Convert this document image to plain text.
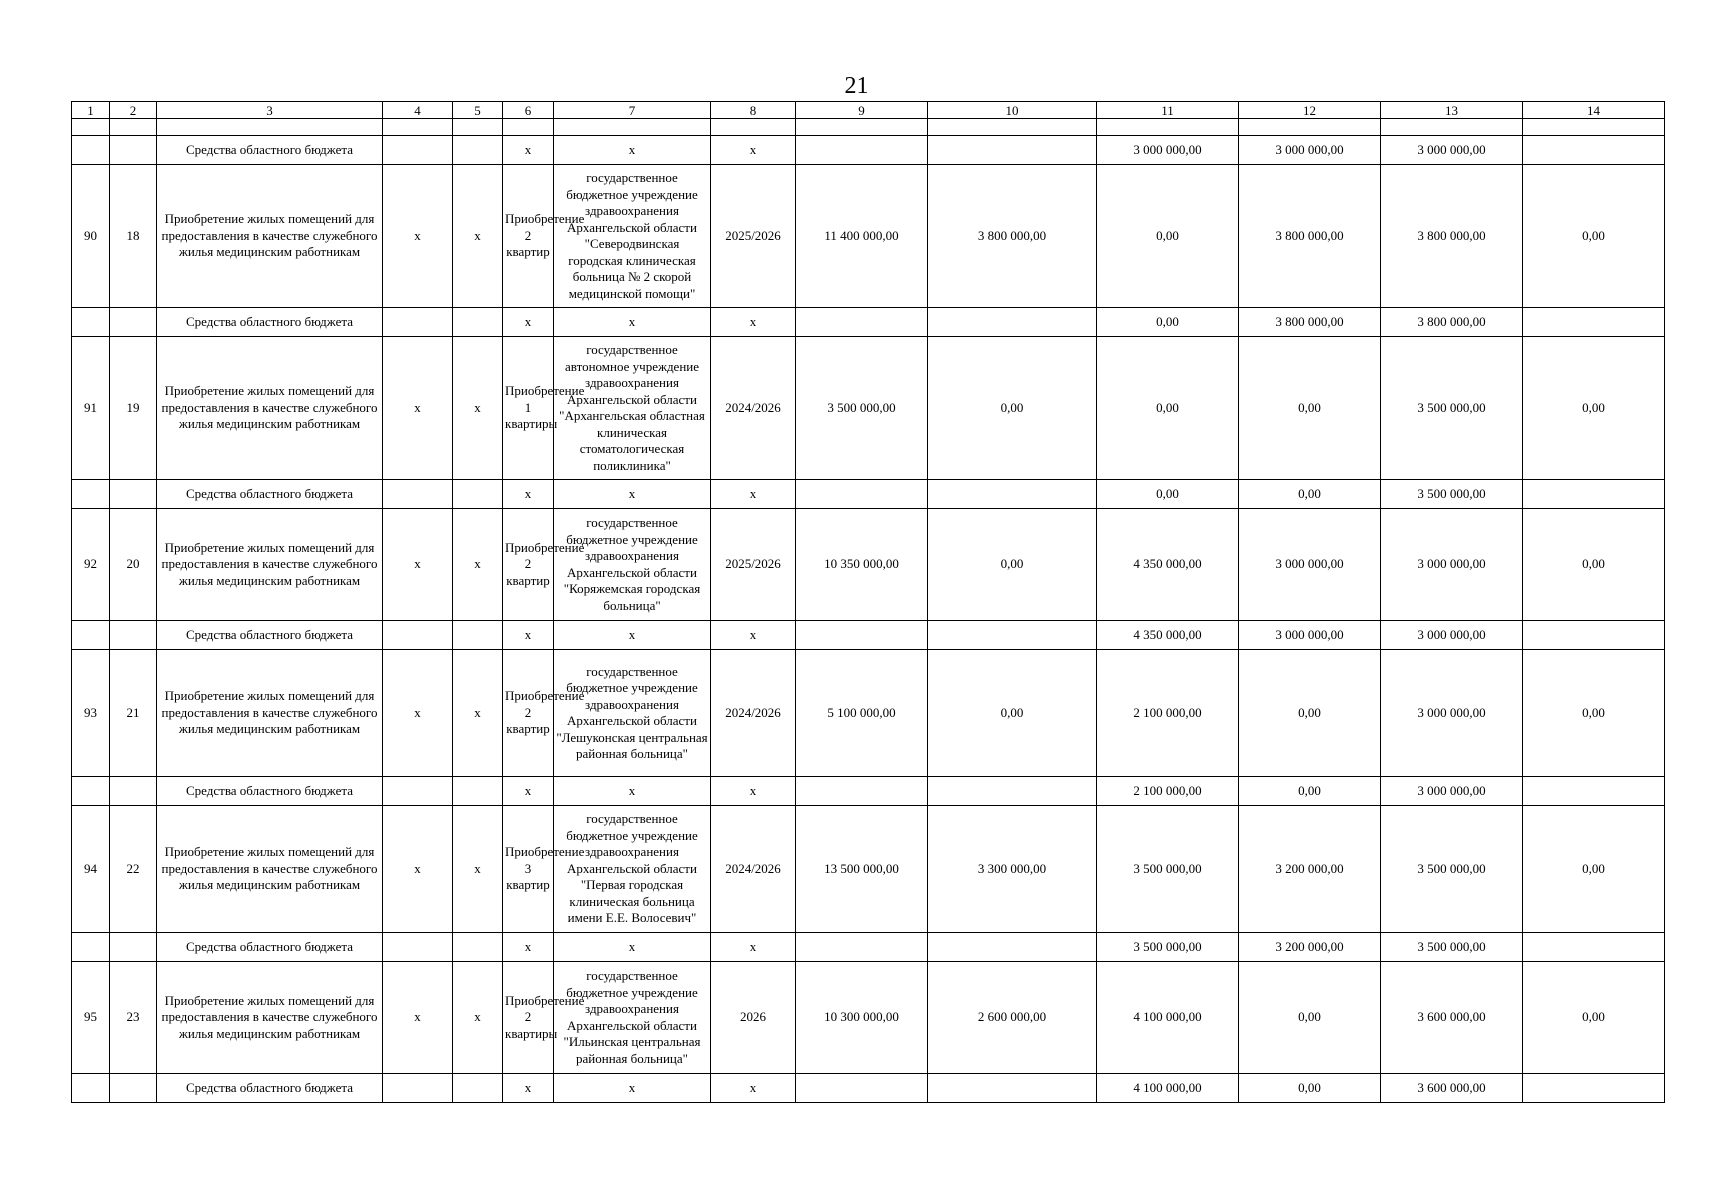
21
1	2	3	4	5	6	7	8	9	10	11	12	13	14

		Средства областного бюджета			x	x	x			3 000 000,00	3 000 000,00	3 000 000,00	
90	18	Приобретение жилых помещений для предоставления в качестве служебного жилья медицинским работникам	x	x	Приобретение 2 квартир	государственное бюджетное учреждение здравоохранения Архангельской области "Северодвинская городская клиническая больница № 2 скорой медицинской помощи"	2025/2026	11 400 000,00	3 800 000,00	0,00	3 800 000,00	3 800 000,00	0,00
		Средства областного бюджета			x	x	x			0,00	3 800 000,00	3 800 000,00	
91	19	Приобретение жилых помещений для предоставления в качестве служебного жилья медицинским работникам	x	x	Приобретение 1 квартиры	государственное автономное учреждение здравоохранения Архангельской области "Архангельская областная клиническая стоматологическая поликлиника"	2024/2026	3 500 000,00	0,00	0,00	0,00	3 500 000,00	0,00
		Средства областного бюджета			x	x	x			0,00	0,00	3 500 000,00	
92	20	Приобретение жилых помещений для предоставления в качестве служебного жилья медицинским работникам	x	x	Приобретение 2 квартир	государственное бюджетное учреждение здравоохранения Архангельской области "Коряжемская городская больница"	2025/2026	10 350 000,00	0,00	4 350 000,00	3 000 000,00	3 000 000,00	0,00
		Средства областного бюджета			x	x	x			4 350 000,00	3 000 000,00	3 000 000,00	
93	21	Приобретение жилых помещений для предоставления в качестве служебного жилья медицинским работникам	x	x	Приобретение 2 квартир	государственное бюджетное учреждение здравоохранения Архангельской области "Лешуконская центральная районная больница"	2024/2026	5 100 000,00	0,00	2 100 000,00	0,00	3 000 000,00	0,00
		Средства областного бюджета			x	x	x			2 100 000,00	0,00	3 000 000,00	
94	22	Приобретение жилых помещений для предоставления в качестве служебного жилья медицинским работникам	x	x	Приобретение 3 квартир	государственное бюджетное учреждение здравоохранения Архангельской области "Первая городская клиническая больница имени Е.Е. Волосевич"	2024/2026	13 500 000,00	3 300 000,00	3 500 000,00	3 200 000,00	3 500 000,00	0,00
		Средства областного бюджета			x	x	x			3 500 000,00	3 200 000,00	3 500 000,00	
95	23	Приобретение жилых помещений для предоставления в качестве служебного жилья медицинским работникам	x	x	Приобретение 2 квартиры	государственное бюджетное учреждение здравоохранения Архангельской области "Ильинская центральная районная больница"	2026	10 300 000,00	2 600 000,00	4 100 000,00	0,00	3 600 000,00	0,00
		Средства областного бюджета			x	x	x			4 100 000,00	0,00	3 600 000,00	
